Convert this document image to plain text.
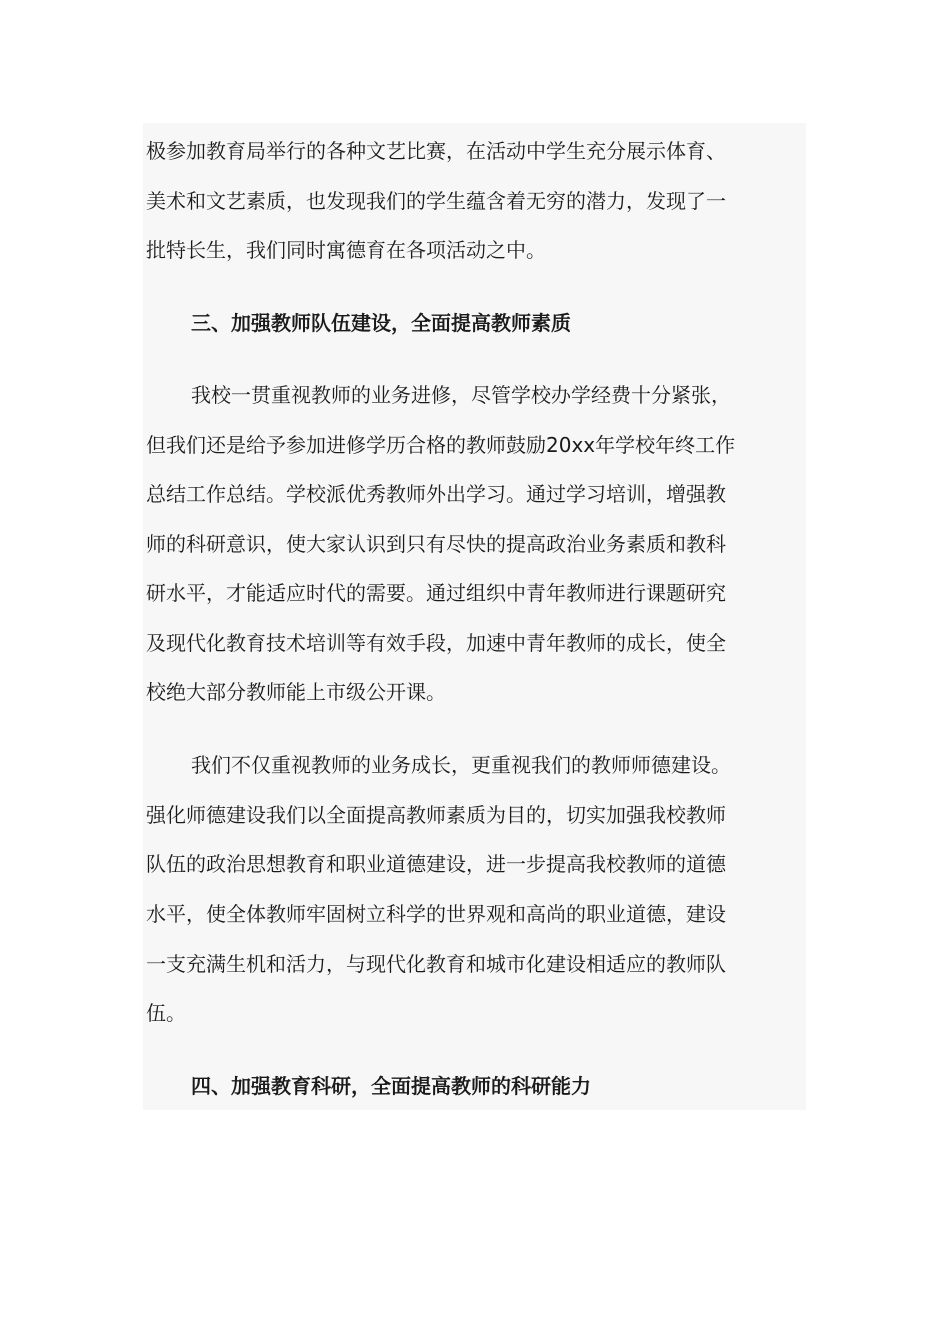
极参加教育局举行的各种文艺比赛，在活动中学生充分展示体育、
美术和文艺素质，也发现我们的学生蕴含着无穷的潜力，发现了一
批特长生，我们同时寓德育在各项活动之中。
三、加强教师队伍建设，全面提高教师素质
我校一贯重视教师的业务进修，尽管学校办学经费十分紧张，
但我们还是给予参加进修学历合格的教师鼓励20xx年学校年终工作
总结工作总结。学校派优秀教师外出学习。通过学习培训，增强教
师的科研意识，使大家认识到只有尽快的提高政治业务素质和教科
研水平，才能适应时代的需要。通过组织中青年教师进行课题研究
及现代化教育技术培训等有效手段，加速中青年教师的成长，使全
校绝大部分教师能上市级公开课。
我们不仅重视教师的业务成长，更重视我们的教师师德建设。
强化师德建设我们以全面提高教师素质为目的，切实加强我校教师
队伍的政治思想教育和职业道德建设，进一步提高我校教师的道德
水平，使全体教师牢固树立科学的世界观和高尚的职业道德，建设
一支充满生机和活力，与现代化教育和城市化建设相适应的教师队
伍。
四、加强教育科研，全面提高教师的科研能力
